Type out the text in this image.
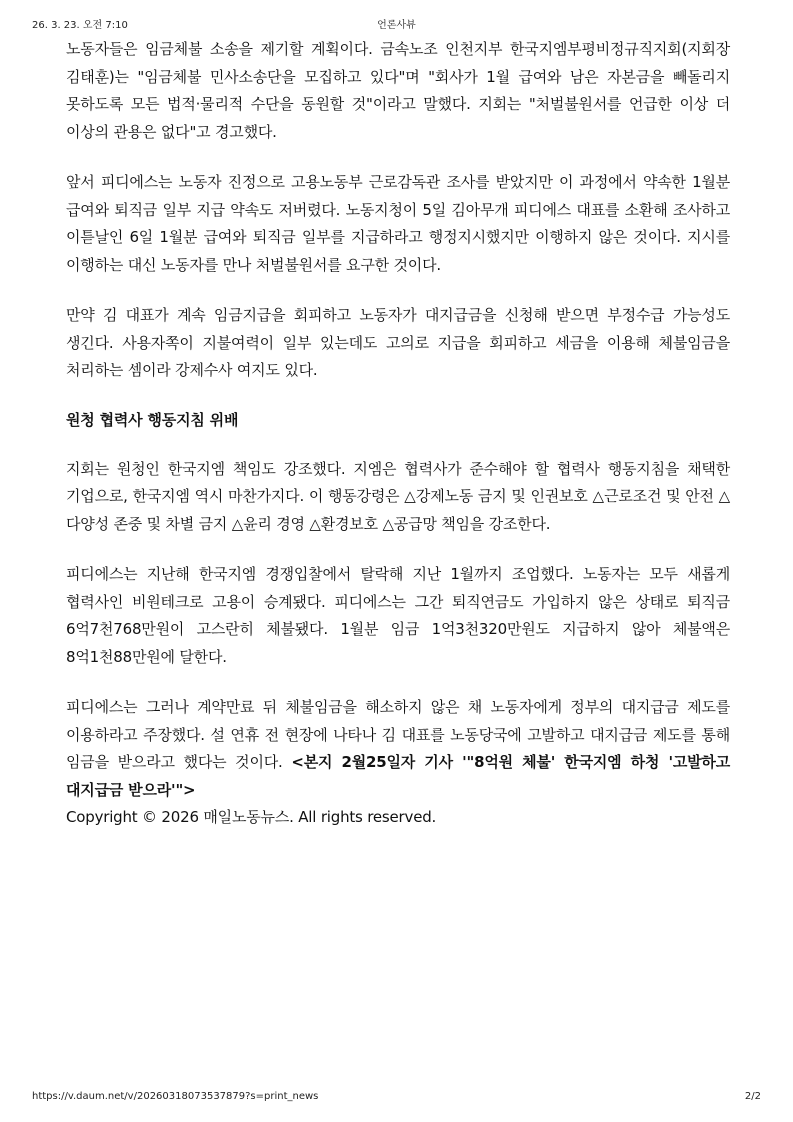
26. 3. 23. 오전 7:10	언론사뷰

노동자들은 임금체불 소송을 제기할 계획이다. 금속노조 인천지부 한국지엠부평비정규직지회(지회장 김태훈)는 "임금체불 민사소송단을 모집하고 있다"며 "회사가 1월 급여와 남은 자본금을 빼돌리지 못하도록 모든 법적·물리적 수단을 동원할 것"이라고 말했다. 지회는 "처벌불원서를 언급한 이상 더 이상의 관용은 없다"고 경고했다.

앞서 피디에스는 노동자 진정으로 고용노동부 근로감독관 조사를 받았지만 이 과정에서 약속한 1월분 급여와 퇴직금 일부 지급 약속도 저버렸다. 노동지청이 5일 김아무개 피디에스 대표를 소환해 조사하고 이튿날인 6일 1월분 급여와 퇴직금 일부를 지급하라고 행정지시했지만 이행하지 않은 것이다. 지시를 이행하는 대신 노동자를 만나 처벌불원서를 요구한 것이다.

만약 김 대표가 계속 임금지급을 회피하고 노동자가 대지급금을 신청해 받으면 부정수급 가능성도 생긴다. 사용자쪽이 지불여력이 일부 있는데도 고의로 지급을 회피하고 세금을 이용해 체불임금을 처리하는 셈이라 강제수사 여지도 있다.

원청 협력사 행동지침 위배

지회는 원청인 한국지엠 책임도 강조했다. 지엠은 협력사가 준수해야 할 협력사 행동지침을 채택한 기업으로, 한국지엠 역시 마찬가지다. 이 행동강령은 △강제노동 금지 및 인권보호 △근로조건 및 안전 △다양성 존중 및 차별 금지 △윤리 경영 △환경보호 △공급망 책임을 강조한다.

피디에스는 지난해 한국지엠 경쟁입찰에서 탈락해 지난 1월까지 조업했다. 노동자는 모두 새롭게 협력사인 비원테크로 고용이 승계됐다. 피디에스는 그간 퇴직연금도 가입하지 않은 상태로 퇴직금 6억7천768만원이 고스란히 체불됐다. 1월분 임금 1억3천320만원도 지급하지 않아 체불액은 8억1천88만원에 달한다.

피디에스는 그러나 계약만료 뒤 체불임금을 해소하지 않은 채 노동자에게 정부의 대지급금 제도를 이용하라고 주장했다. 설 연휴 전 현장에 나타나 김 대표를 노동당국에 고발하고 대지급금 제도를 통해 임금을 받으라고 했다는 것이다. <본지 2월25일자 기사 '"8억원 체불' 한국지엠 하청 '고발하고 대지급금 받으라'">

Copyright © 2026 매일노동뉴스. All rights reserved.

https://v.daum.net/v/20260318073537879?s=print_news	2/2
